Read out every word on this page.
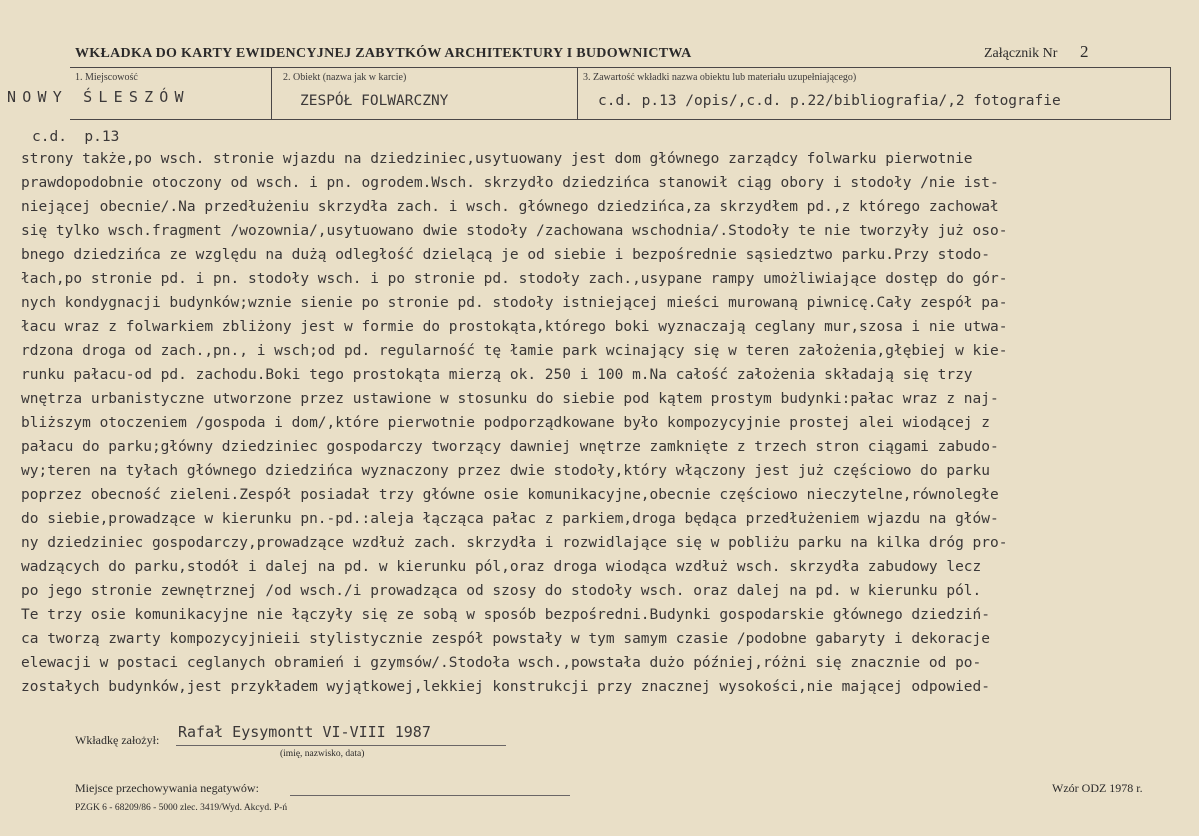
WKŁADKA DO KARTY EWIDENCYJNEJ ZABYTKÓW ARCHITEKTURY I BUDOWNICTWA	Załącznik Nr 2
1. Miejscowość
NOWY ŚLESZÓW
2. Obiekt (nazwa jak w karcie)
ZESPÓŁ FOLWARCZNY
3. Zawartość wkładki nazwa obiektu lub materiału uzupełniającego)
c.d. p.13 /opis/,c.d. p.22/bibliografia/,2 fotografie
c.d.  p.13
strony także,po wsch. stronie wjazdu na dziedziniec,usytuowany jest dom głównego zarządcy folwarku pierwotnie
prawdopodobnie otoczony od wsch. i pn. ogrodem.Wsch. skrzydło dziedzińca stanowił ciąg obory i stodoły /nie ist-
niejącej obecnie/.Na przedłużeniu skrzydła zach. i wsch. głównego dziedzińca,za skrzydłem pd.,z którego zachował
się tylko wsch.fragment /wozownia/,usytuowano dwie stodoły /zachowana wschodnia/.Stodoły te nie tworzyły już oso-
bnego dziedzińca ze względu na dużą odległość dzielącą je od siebie i bezpośrednie sąsiedztwo parku.Przy stodo-
łach,po stronie pd. i pn. stodoły wsch. i po stronie pd. stodoły zach.,usypane rampy umożliwiające dostęp do gór-
nych kondygnacji budynków;wznie sienie po stronie pd. stodoły istniejącej mieści murowaną piwnicę.Cały zespół pa-
łacu wraz z folwarkiem zbliżony jest w formie do prostokąta,którego boki wyznaczają ceglany mur,szosa i nie utwa-
rdzona droga od zach.,pn., i wsch;od pd. regularność tę łamie park wcinający się w teren założenia,głębiej w kie-
runku pałacu-od pd. zachodu.Boki tego prostokąta mierzą ok. 250 i 100 m.Na całość założenia składają się trzy
wnętrza urbanistyczne utworzone przez ustawione w stosunku do siebie pod kątem prostym budynki:pałac wraz z naj-
bliższym otoczeniem /gospoda i dom/,które pierwotnie podporządkowane było kompozycyjnie prostej alei wiodącej z
pałacu do parku;główny dziedziniec gospodarczy tworzący dawniej wnętrze zamknięte z trzech stron ciągami zabudo-
wy;teren na tyłach głównego dziedzińca wyznaczony przez dwie stodoły,który włączony jest już częściowo do parku
poprzez obecność zieleni.Zespół posiadał trzy główne osie komunikacyjne,obecnie częściowo nieczytelne,równoległe
do siebie,prowadzące w kierunku pn.-pd.:aleja łącząca pałac z parkiem,droga będąca przedłużeniem wjazdu na głów-
ny dziedziniec gospodarczy,prowadzące wzdłuż zach. skrzydła i rozwidlające się w pobliżu parku na kilka dróg pro-
wadzących do parku,stodół i dalej na pd. w kierunku pól,oraz droga wiodąca wzdłuż wsch. skrzydła zabudowy lecz
po jego stronie zewnętrznej /od wsch./i prowadząca od szosy do stodoły wsch. oraz dalej na pd. w kierunku pól.
Te trzy osie komunikacyjne nie łączyły się ze sobą w sposób bezpośredni.Budynki gospodarskie głównego dziedziń-
ca tworzą zwarty kompozycyjnieii stylistycznie zespół powstały w tym samym czasie /podobne gabaryty i dekoracje
elewacji w postaci ceglanych obramień i gzymsów/.Stodoła wsch.,powstała dużo później,różni się znacznie od po-
zostałych budynków,jest przykładem wyjątkowej,lekkiej konstrukcji przy znacznej wysokości,nie mającej odpowied-
Wkładkę założył: Rafał Eysymontt VI-VIII 1987
(imię, nazwisko, data)
Miejsce przechowywania negatywów:
PZGK 6 - 68209/86 - 5000 zlec. 3419/Wyd. Akcyd. P-ń
Wzór ODZ 1978 r.
